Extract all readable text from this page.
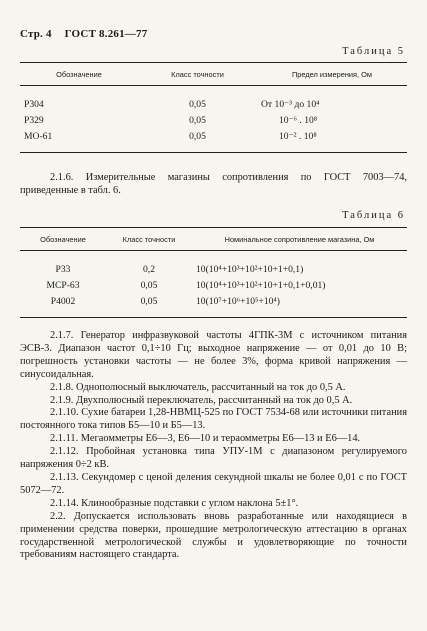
Стр. 4 ГОСТ 8.261—77
Таблица 5
Обозначение	Класс точности	Предел измерения, Ом
Р304	0,05	От 10⁻³ до 10⁴
Р329	0,05	10⁻⁶ . 10⁸
МО-61	0,05	10⁻² . 10⁸

2.1.6. Измерительные магазины сопротивления по ГОСТ 7003—74, приведенные в табл. 6.

Таблица 6
Обозначение	Класс точности	Номинальное сопротивление магазина, Ом
Р33	0,2	10(10⁴+10³+10²+10+1+0,1)
МСР-63	0,05	10(10⁴+10³+10²+10+1+0,1+0,01)
Р4002	0,05	10(10⁷+10⁶+10⁵+10⁴)

2.1.7. Генератор инфразвуковой частоты 4ГПК-3М с источником питания ЭСВ-3. Диапазон частот 0,1÷10 Гц; выходное напряжение — от 0,01 до 10 В; погрешность установки частоты — не более 3%, форма кривой напряжения — синусоидальная.

2.1.8. Однополюсный выключатель, рассчитанный на ток до 0,5 А.

2.1.9. Двухполюсный переключатель, рассчитанный на ток до 0,5 А.

2.1.10. Сухие батареи 1,28-НВМЦ-525 по ГОСТ 7534-68 или источники питания постоянного тока типов Б5—10 и Б5—13.

2.1.11. Мегаомметры Е6—3, Е6—10 и тераомметры Е6—13 и Е6—14.

2.1.12. Пробойная установка типа УПУ-1М с диапазоном регулируемого напряжения 0÷2 кВ.

2.1.13. Секундомер с ценой деления секундной шкалы не более 0,01 с по ГОСТ 5072—72.

2.1.14. Клинообразные подставки с углом наклона 5±1°.

2.2. Допускается использовать вновь разработанные или находящиеся в применении средства поверки, прошедшие метрологическую аттестацию в органах государственной метрологической службы и удовлетворяющие по точности требованиям настоящего стандарта.
